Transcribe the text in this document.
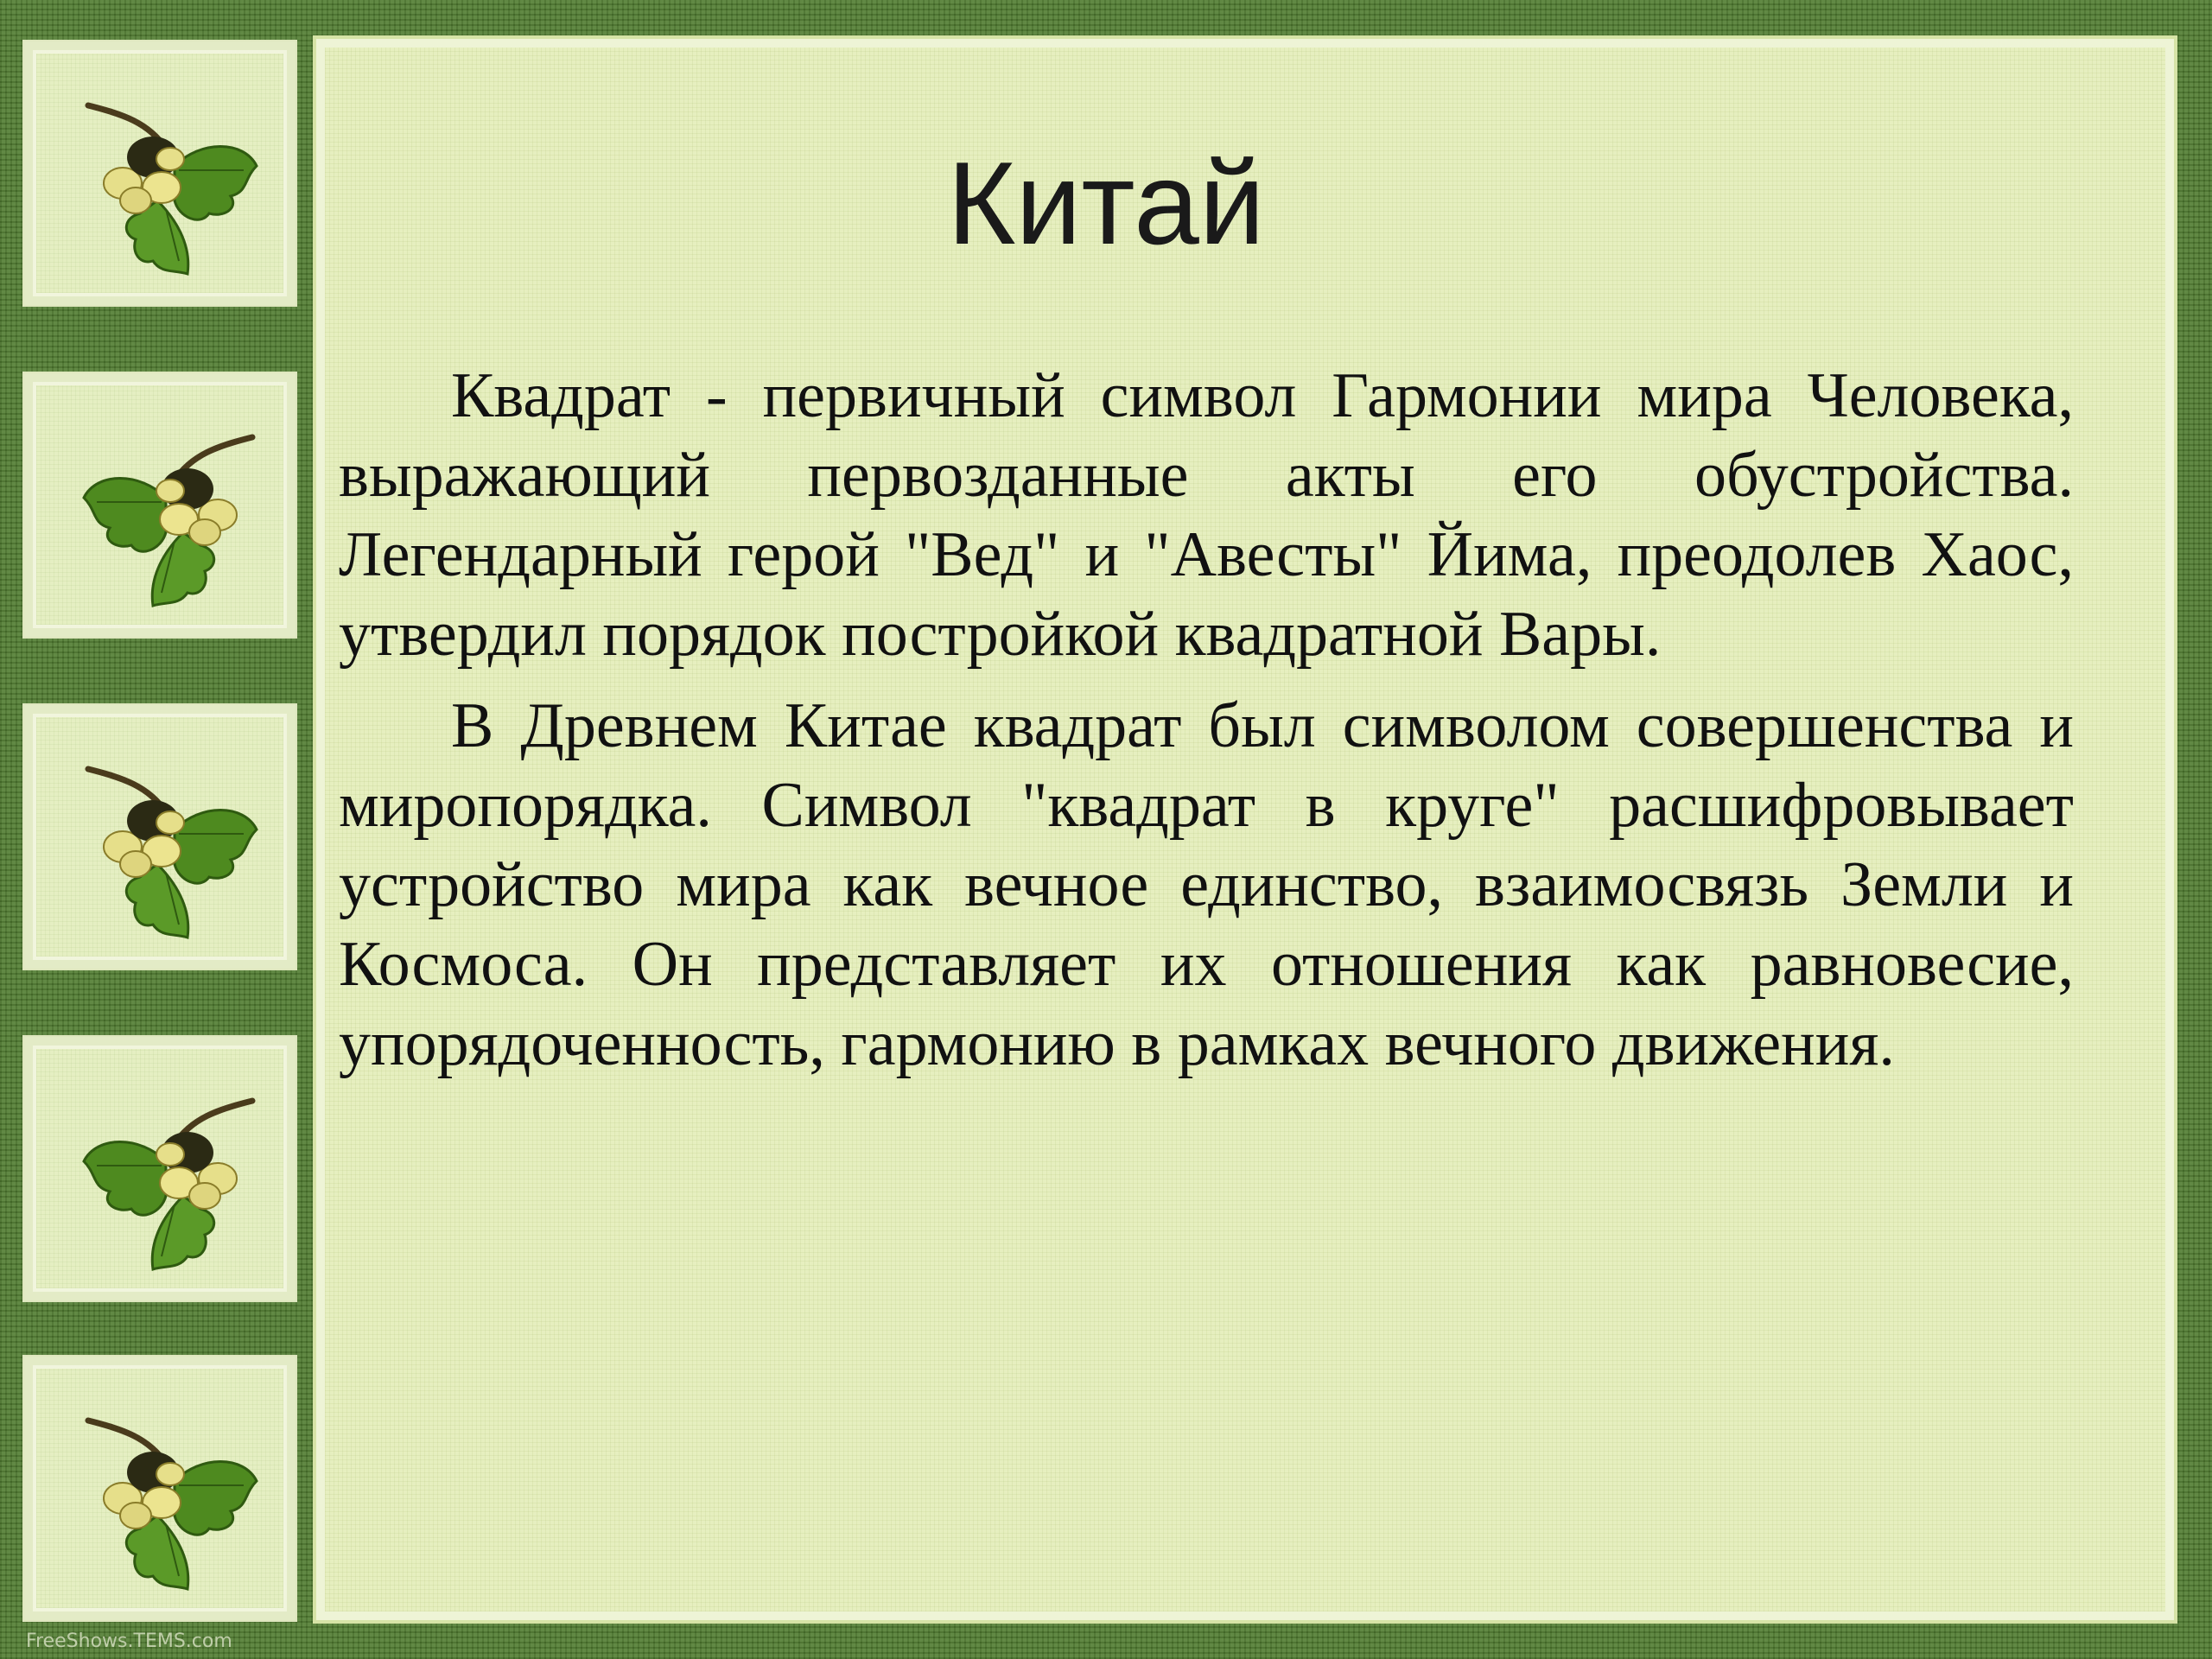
Китай

Квадрат - первичный символ Гармонии мира Человека, выражающий первозданные акты его обустройства. Легендарный герой "Вед" и "Авесты" Йима, преодолев Хаос, утвердил порядок постройкой квадратной Вары.

В Древнем Китае квадрат был символом совершенства и миропорядка. Символ "квадрат в круге" расшифровывает устройство мира как вечное единство, взаимосвязь Земли и Космоса. Он представляет их отношения как равновесие, упорядоченность, гармонию в рамках вечного движения.

FreeShows.TEMS.com
